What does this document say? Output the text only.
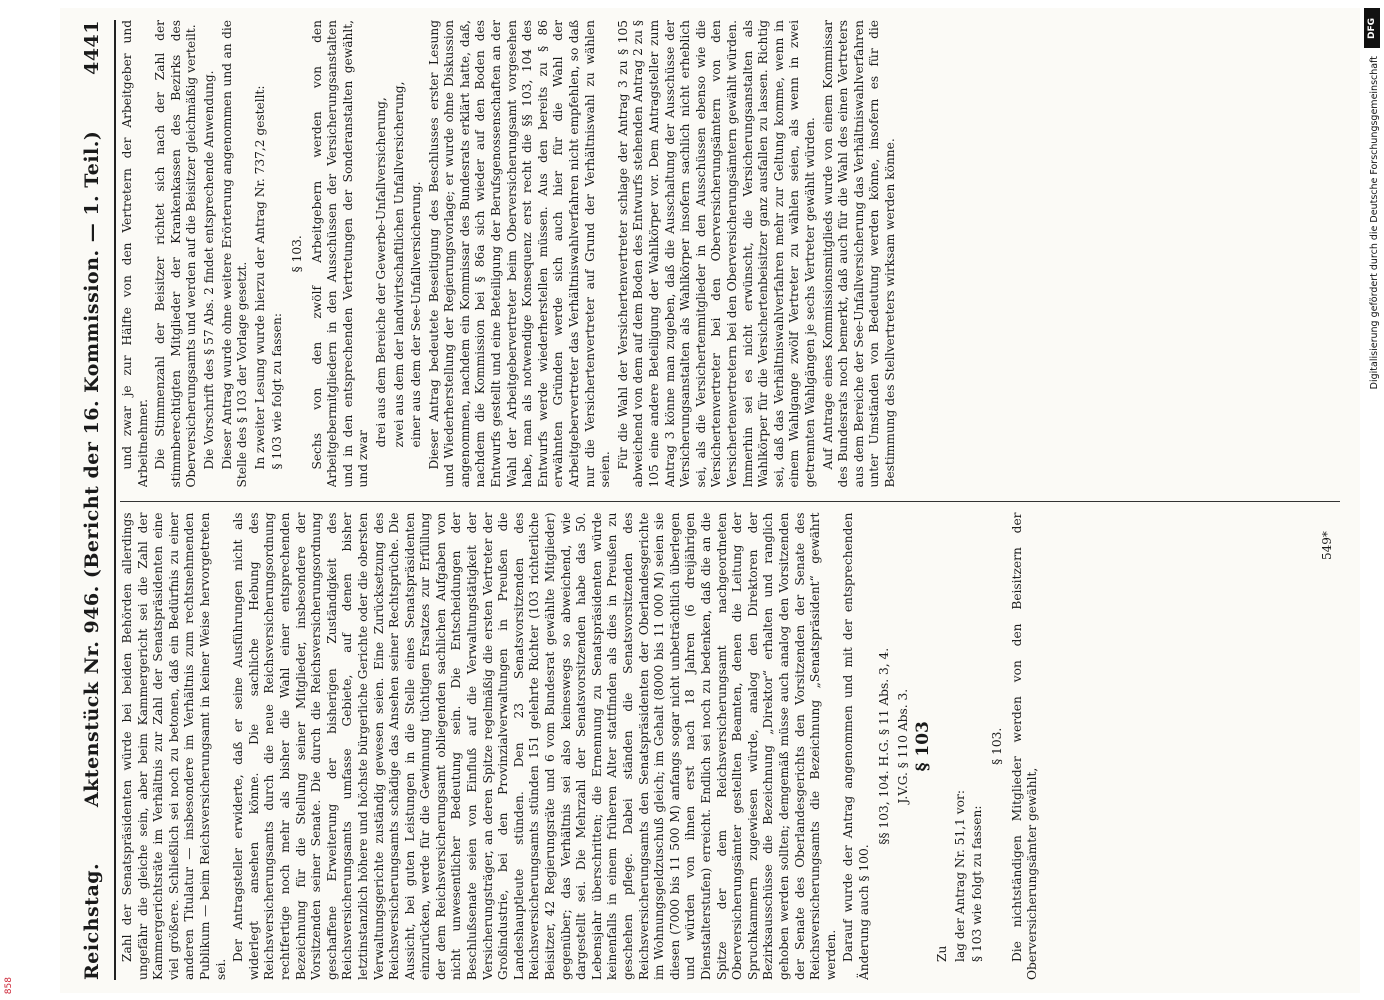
Reichstag.
Aktenstück Nr. 946. (Bericht der 16. Kommission. — 1. Teil.)
4441

Zahl der Senatspräsidenten würde bei beiden Behörden allerdings ungefähr die gleiche sein, aber beim Kammergericht sei die Zahl der Kammergerichtsräte im Verhältnis zur Zahl der Senatspräsidenten eine viel größere. Schließlich sei noch zu betonen, daß ein Bedürfnis zu einer anderen Titulatur — insbesondere im Verhältnis zum rechtsnehmenden Publikum — beim Reichsversicherungsamt in keiner Weise hervorgetreten sei.

Der Antragsteller erwiderte, daß er seine Ausführungen nicht als widerlegt ansehen könne. Die sachliche Hebung des Reichsversicherungsamts durch die neue Reichsversicherungsordnung rechtfertige noch mehr als bisher die Wahl einer entsprechenden Bezeichnung für die Stellung seiner Mitglieder, insbesondere der Vorsitzenden seiner Senate. Die durch die Reichsversicherungsordnung geschaffene Erweiterung der bisherigen Zuständigkeit des Reichsversicherungsamts umfasse Gebiete, auf denen bisher letztinstanzlich höhere und höchste bürgerliche Gerichte oder die obersten Verwaltungsgerichte zuständig gewesen seien. Eine Zurücksetzung des Reichsversicherungsamts schädige das Ansehen seiner Rechtsprüche. Die Aussicht, bei guten Leistungen in die Stelle eines Senatspräsidenten einzurücken, werde für die Gewinnung tüchtigen Ersatzes zur Erfüllung der dem Reichsversicherungsamt obliegenden sachlichen Aufgaben von nicht unwesentlicher Bedeutung sein. Die Entscheidungen der Beschlußsenate seien von Einfluß auf die Verwaltungstätigkeit der Versicherungsträger, an deren Spitze regelmäßig die ersten Vertreter der Großindustrie, bei den Provinzialverwaltungen in Preußen die Landeshauptleute stünden. Den 23 Senatsvorsitzenden des Reichsversicherungsamts stünden 151 gelehrte Richter (103 richterliche Beisitzer, 42 Regierungsräte und 6 vom Bundesrat gewählte Mitglieder) gegenüber; das Verhältnis sei also keineswegs so abweichend, wie dargestellt sei. Die Mehrzahl der Senatsvorsitzenden habe das 50. Lebensjahr überschritten; die Ernennung zu Senatspräsidenten würde keinenfalls in einem früheren Alter stattfinden als dies in Preußen zu geschehen pflege. Dabei ständen die Senatsvorsitzenden des Reichsversicherungsamts den Senatspräsidenten der Oberlandesgerichte im Wohnungsgeldzuschuß gleich; im Gehalt (8000 bis 11 000 M) seien sie diesen (7000 bis 11 500 M) anfangs sogar nicht unbeträchtlich überlegen und würden von ihnen erst nach 18 Jahren (6 dreijährigen Dienstalterstufen) erreicht. Endlich sei noch zu bedenken, daß die an die Spitze der dem Reichsversicherungsamt nachgeordneten Oberversicherungsämter gestellten Beamten, denen die Leitung der Spruchkammern zugewiesen würde, analog den Direktoren der Bezirksausschüsse die Bezeichnung „Direktor“ erhalten und ranglich gehoben werden sollten; demgemäß müsse auch analog den Vorsitzenden der Senate des Oberlandesgerichts den Vorsitzenden der Senate des Reichsversicherungsamts die Bezeichnung „Senatspräsident“ gewährt werden. Darauf wurde der Antrag angenommen und mit der entsprechenden Änderung auch § 100.

§§ 103, 104. H.G. § 11 Abs. 3, 4. J.V.G. § 110 Abs. 3. § 103

Zu lag der Antrag Nr. 51,1 vor: § 103 wie folgt zu fassen:

§ 103. Die nichtständigen Mitglieder werden von den Beisitzern der Oberversicherungsämter gewählt,

und zwar je zur Hälfte von den Vertretern der Arbeitgeber und Arbeitnehmer. Die Stimmenzahl der Beisitzer richtet sich nach der Zahl der stimmberechtigten Mitglieder der Krankenkassen des Bezirks des Oberversicherungsamts und werden auf die Beisitzer gleichmäßig verteilt. Die Vorschrift des § 57 Abs. 2 findet entsprechende Anwendung. Dieser Antrag wurde ohne weitere Erörterung angenommen und an die Stelle des § 103 der Vorlage gesetzt. In zweiter Lesung wurde hierzu der Antrag Nr. 737,2 gestellt: § 103 wie folgt zu fassen:

§ 103. Sechs von den zwölf Arbeitgebern werden von den Arbeitgebermitgliedern in den Ausschüssen der Versicherungsanstalten und in den entsprechenden Vertretungen der Sonderanstalten gewählt, und zwar

drei aus dem Bereiche der Gewerbe-Unfallversicherung, zwei aus dem der landwirtschaftlichen Unfallversicherung, einer aus dem der See-Unfallversicherung. Dieser Antrag bedeutete Beseitigung des Beschlusses erster Lesung und Wiederherstellung der Regierungsvorlage; er wurde ohne Diskussion angenommen, nachdem ein Kommissar des Bundesrats erklärt hatte, daß, nachdem die Kommission bei § 86a sich wieder auf den Boden des Entwurfs gestellt und eine Beteiligung der Berufsgenossenschaften an der Wahl der Arbeitgebervertreter beim Oberversicherungsamt vorgesehen habe, man als notwendige Konsequenz erst recht die §§ 103, 104 des Entwurfs werde wiederherstellen müssen. Aus den bereits zu § 86 erwähnten Gründen werde sich auch hier für die Wahl der Arbeitgebervertreter das Verhältniswahlverfahren nicht empfehlen, so daß nur die Versichertenvertreter auf Grund der Verhältniswahl zu wählen seien. Für die Wahl der Versichertenvertreter schlage der Antrag 3 zu § 105 abweichend von dem auf dem Boden des Entwurfs stehenden Antrag 2 zu § 105 eine andere Beteiligung der Wahlkörper vor. Dem Antragsteller zum Antrag 3 könne man zugeben, daß die Ausschaltung der Ausschüsse der Versicherungsanstalten als Wahlkörper insofern sachlich nicht erheblich sei, als die Versichertenmitglieder in den Ausschüssen ebenso wie die Versichertenvertreter bei den Oberversicherungsämtern von den Versichertenvertretern bei den Oberversicherungsämtern gewählt würden. Immerhin sei es nicht erwünscht, die Versicherungsanstalten als Wahlkörper für die Versichertenbeisitzer ganz ausfallen zu lassen. Richtig sei, daß das Verhältniswahlverfahren mehr zur Geltung komme, wenn in einem Wahlgange zwölf Vertreter zu wählen seien, als wenn in zwei getrennten Wahlgängen je sechs Vertreter gewählt würden. Auf Antrage eines Kommissionsmitglieds wurde von einem Kommissar des Bundesrats noch bemerkt, daß auch für die Wahl des einen Vertreters aus dem Bereiche der See-Unfallversicherung das Verhältniswahlverfahren unter Umständen von Bedeutung werden könne, insofern es für die Bestimmung des Stellvertreters wirksam werden könne.

549*
858
DFG
Digitalisierung gefördert durch die Deutsche Forschungsgemeinschaft
